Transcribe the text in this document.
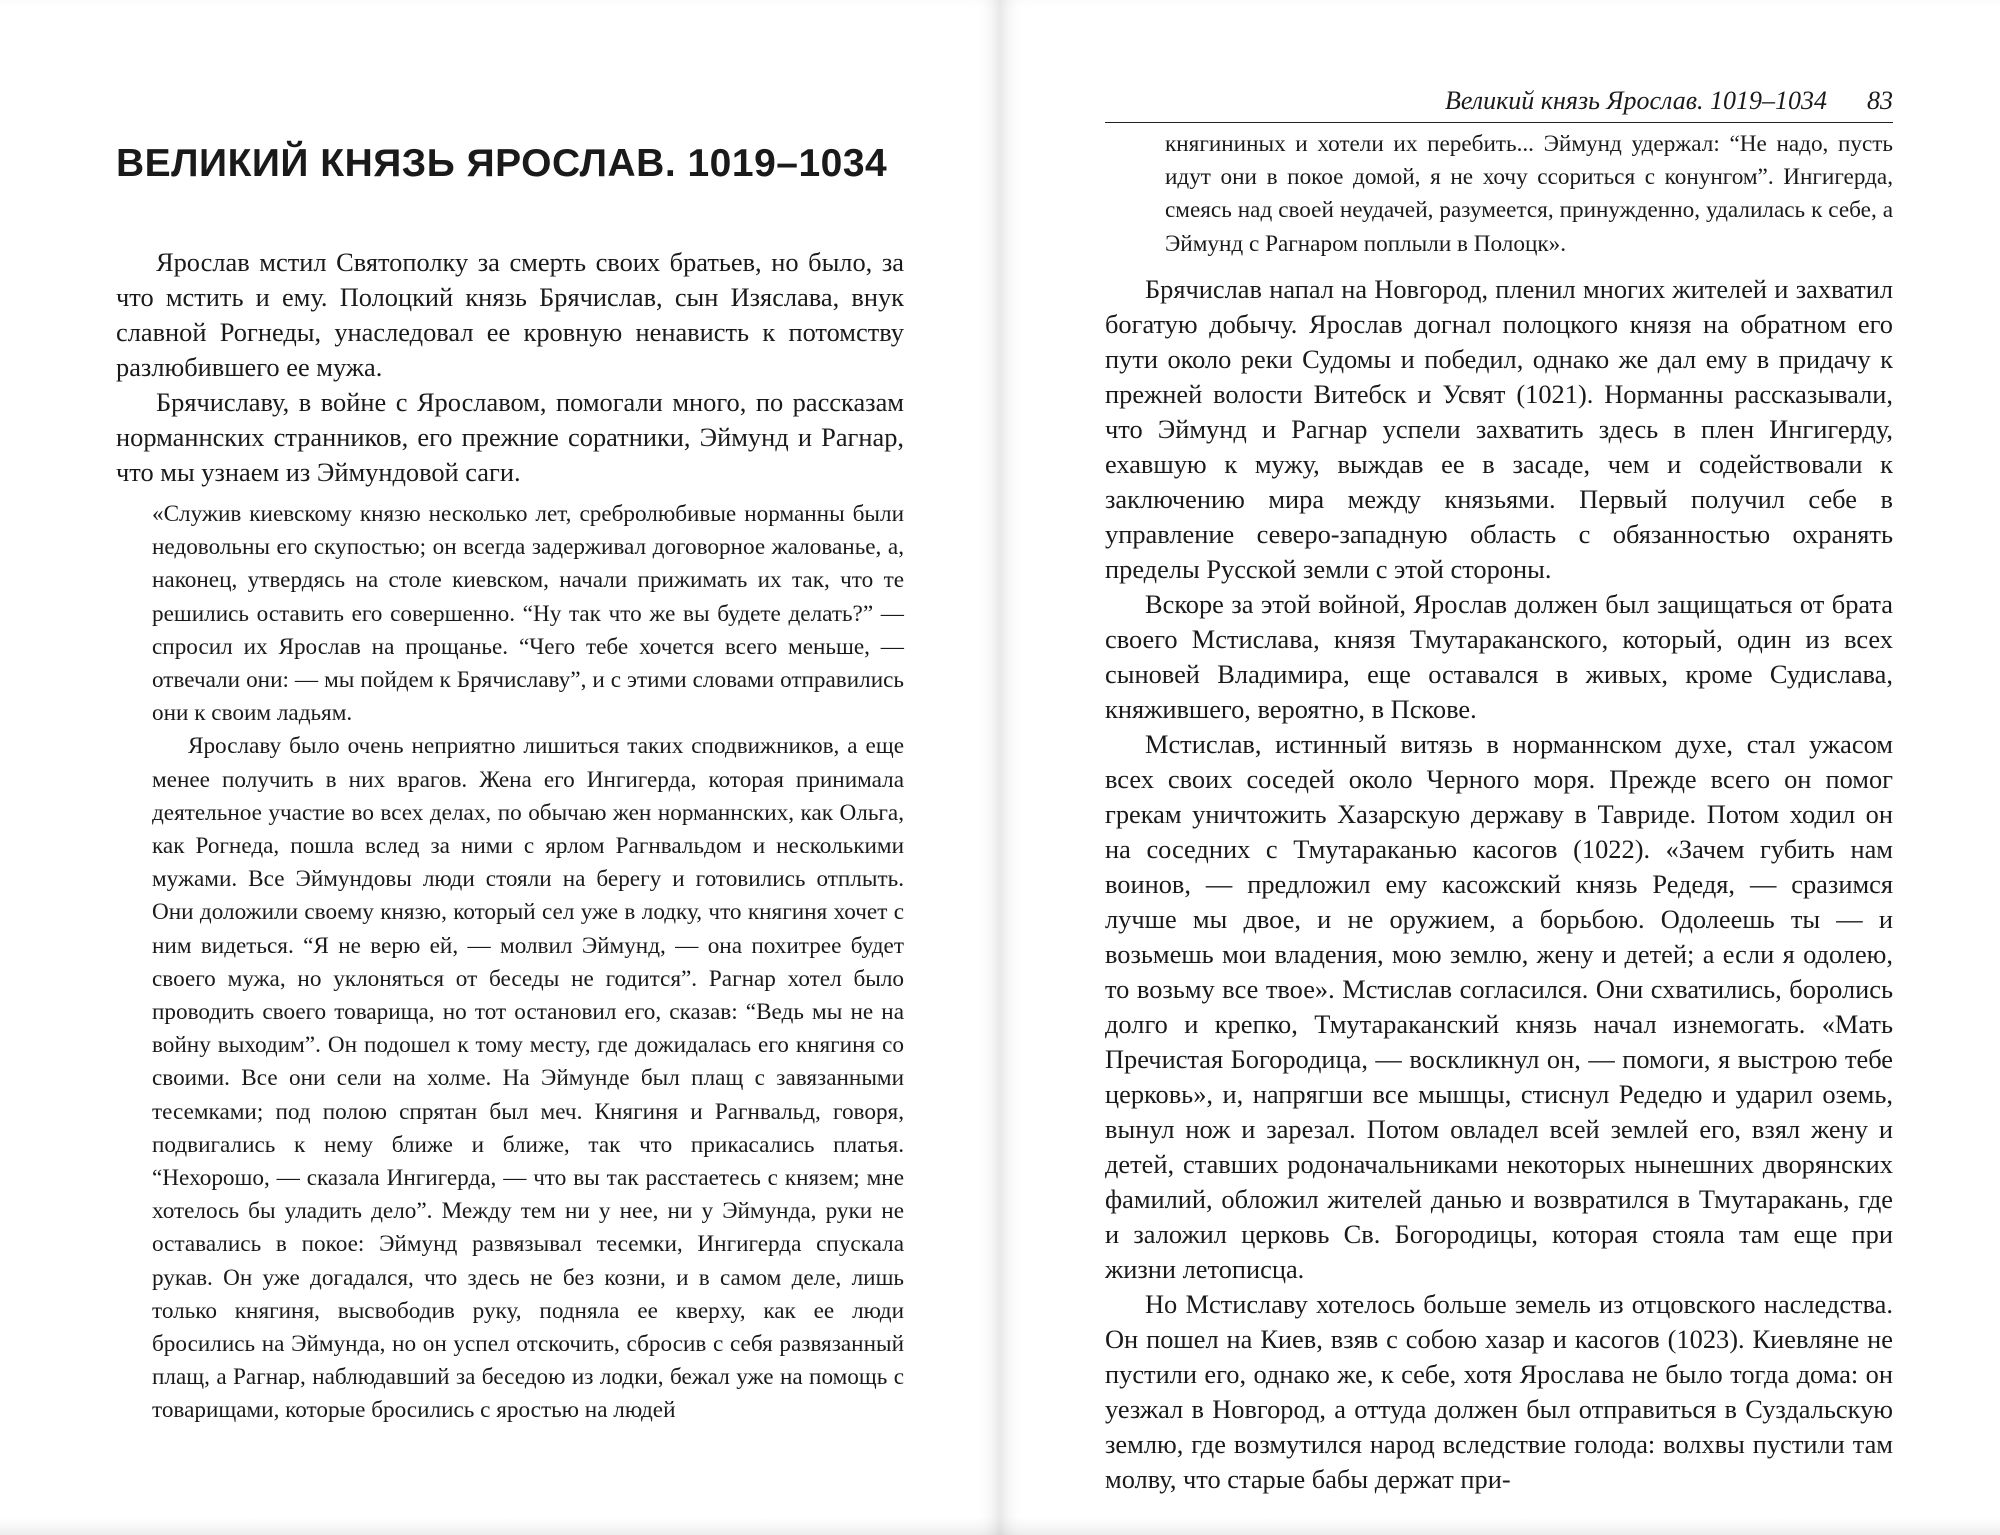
ВЕЛИКИЙ КНЯЗЬ ЯРОСЛАВ. 1019–1034

Ярослав мстил Святополку за смерть своих братьев, но было, за что мстить и ему. Полоцкий князь Брячислав, сын Изяслава, внук славной Рогнеды, унаследовал ее кровную ненависть к потомству разлюбившего ее мужа.

Брячиславу, в войне с Ярославом, помогали много, по рассказам норманнских странников, его прежние соратники, Эймунд и Рагнар, что мы узнаем из Эймундовой саги.

«Служив киевскому князю несколько лет, сребролюбивые норманны были недовольны его скупостью; он всегда задерживал договорное жалованье, а, наконец, утвердясь на столе киевском, начали прижимать их так, что те решились оставить его совершенно. “Ну так что же вы будете делать?” — спросил их Ярослав на прощанье. “Чего тебе хочется всего меньше, — отвечали они: — мы пойдем к Брячиславу”, и с этими словами отправились они к своим ладьям.

Ярославу было очень неприятно лишиться таких сподвижников, а еще менее получить в них врагов. Жена его Ингигерда, которая принимала деятельное участие во всех делах, по обычаю жен норманнских, как Ольга, как Рогнеда, пошла вслед за ними с ярлом Рагнвальдом и несколькими мужами. Все Эймундовы люди стояли на берегу и готовились отплыть. Они доложили своему князю, который сел уже в лодку, что княгиня хочет с ним видеться. “Я не верю ей, — молвил Эймунд, — она похитрее будет своего мужа, но уклоняться от беседы не годится”. Рагнар хотел было проводить своего товарища, но тот остановил его, сказав: “Ведь мы не на войну выходим”. Он подошел к тому месту, где дожидалась его княгиня со своими. Все они сели на холме. На Эймунде был плащ с завязанными тесемками; под полою спрятан был меч. Княгиня и Рагнвальд, говоря, подвигались к нему ближе и ближе, так что прикасались платья. “Нехорошо, — сказала Ингигерда, — что вы так расстаетесь с князем; мне хотелось бы уладить дело”. Между тем ни у нее, ни у Эймунда, руки не оставались в покое: Эймунд развязывал тесемки, Ингигерда спускала рукав. Он уже догадался, что здесь не без козни, и в самом деле, лишь только княгиня, высвободив руку, подняла ее кверху, как ее люди бросились на Эймунда, но он успел отскочить, сбросив с себя развязанный плащ, а Рагнар, наблюдавший за беседою из лодки, бежал уже на помощь с товарищами, которые бросились с яростью на людей

Великий князь Ярослав. 1019–1034 83

княгининых и хотели их перебить... Эймунд удержал: “Не надо, пусть идут они в покое домой, я не хочу ссориться с конунгом”. Ингигерда, смеясь над своей неудачей, разумеется, принужденно, удалилась к себе, а Эймунд с Рагнаром поплыли в Полоцк».

Брячислав напал на Новгород, пленил многих жителей и захватил богатую добычу. Ярослав догнал полоцкого князя на обратном его пути около реки Судомы и победил, однако же дал ему в придачу к прежней волости Витебск и Усвят (1021). Норманны рассказывали, что Эймунд и Рагнар успели захватить здесь в плен Ингигерду, ехавшую к мужу, выждав ее в засаде, чем и содействовали к заключению мира между князьями. Первый получил себе в управление северо-западную область с обязанностью охранять пределы Русской земли с этой стороны.

Вскоре за этой войной, Ярослав должен был защищаться от брата своего Мстислава, князя Тмутараканского, который, один из всех сыновей Владимира, еще оставался в живых, кроме Судислава, княжившего, вероятно, в Пскове.

Мстислав, истинный витязь в норманнском духе, стал ужасом всех своих соседей около Черного моря. Прежде всего он помог грекам уничтожить Хазарскую державу в Тавриде. Потом ходил он на соседних с Тмутараканью касогов (1022). «Зачем губить нам воинов, — предложил ему касожский князь Редедя, — сразимся лучше мы двое, и не оружием, а борьбою. Одолеешь ты — и возьмешь мои владения, мою землю, жену и детей; а если я одолею, то возьму все твое». Мстислав согласился. Они схватились, боролись долго и крепко, Тмутараканский князь начал изнемогать. «Мать Пречистая Богородица, — воскликнул он, — помоги, я выстрою тебе церковь», и, напрягши все мышцы, стиснул Редедю и ударил оземь, вынул нож и зарезал. Потом овладел всей землей его, взял жену и детей, ставших родоначальниками некоторых нынешних дворянских фамилий, обложил жителей данью и возвратился в Тмутаракань, где и заложил церковь Св. Богородицы, которая стояла там еще при жизни летописца.

Но Мстиславу хотелось больше земель из отцовского наследства. Он пошел на Киев, взяв с собою хазар и касогов (1023). Киевляне не пустили его, однако же, к себе, хотя Ярослава не было тогда дома: он уезжал в Новгород, а оттуда должен был отправиться в Суздальскую землю, где возмутился народ вследствие голода: волхвы пустили там молву, что старые бабы держат при-
